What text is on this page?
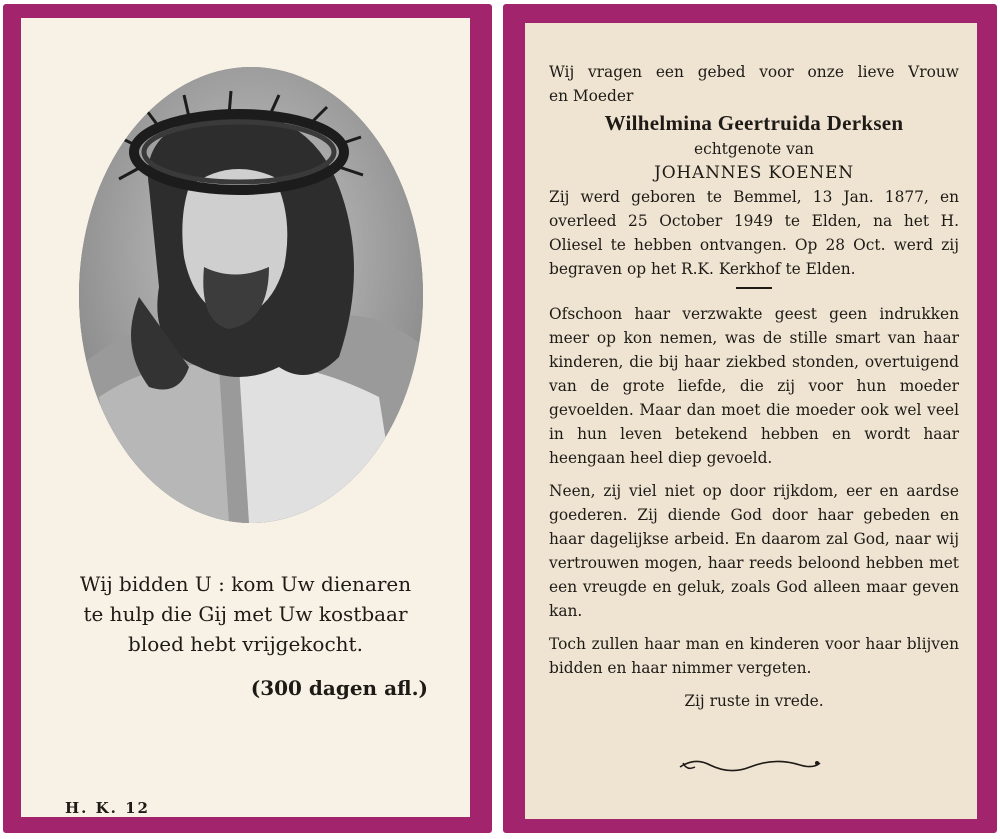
Wij bidden U : kom Uw dienaren
te hulp die Gij met Uw kostbaar
bloed hebt vrijgekocht.
(300 dagen afl.)
H. K. 12

Wij vragen een gebed voor onze lieve Vrouw

en Moeder

Wilhelmina Geertruida Derksen
echtgenote van
JOHANNES KOENEN

Zij werd geboren te Bemmel, 13 Jan. 1877, en overleed 25 October 1949 te Elden, na het H. Oliesel te hebben ontvangen. Op 28 Oct. werd zij begraven op het R.K. Kerkhof te Elden.

Ofschoon haar verzwakte geest geen indrukken meer op kon nemen, was de stille smart van haar kinderen, die bij haar ziekbed stonden, overtuigend van de grote liefde, die zij voor hun moeder gevoelden. Maar dan moet die moeder ook wel veel in hun leven betekend hebben en wordt haar heengaan heel diep gevoeld.

Neen, zij viel niet op door rijkdom, eer en aardse goederen. Zij diende God door haar gebeden en haar dagelijkse arbeid. En daarom zal God, naar wij vertrouwen mogen, haar reeds beloond hebben met een vreugde en geluk, zoals God alleen maar geven kan.

Toch zullen haar man en kinderen voor haar blijven bidden en haar nimmer vergeten.

Zij ruste in vrede.
